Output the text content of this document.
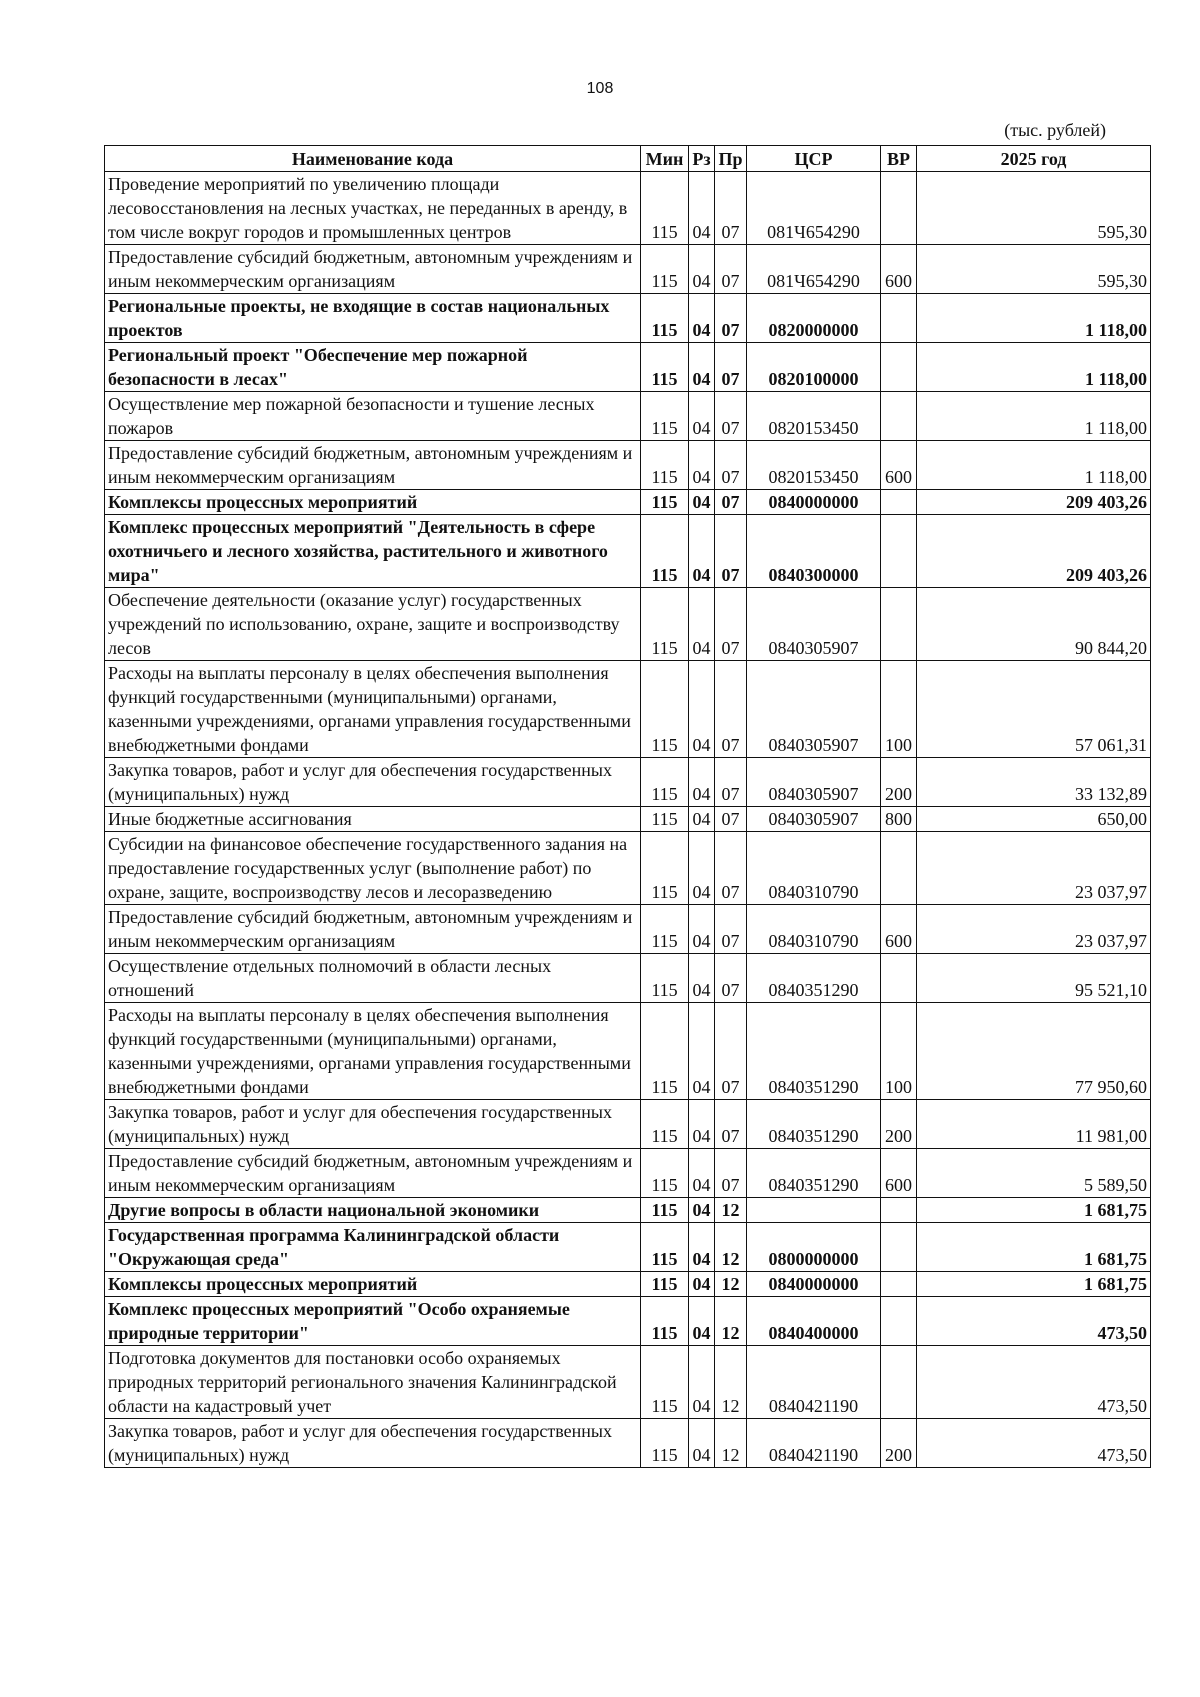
108
(тыс. рублей)
Наименование кода	Мин	Рз	Пр	ЦСР	ВР	2025 год
Проведение мероприятий по увеличению площади лесовосстановления на лесных участках, не переданных в аренду, в том числе вокруг городов и промышленных центров	115	04	07	081Ч654290		595,30
Предоставление субсидий бюджетным, автономным учреждениям и иным некоммерческим организациям	115	04	07	081Ч654290	600	595,30
Региональные проекты, не входящие в состав национальных проектов	115	04	07	0820000000		1 118,00
Региональный проект "Обеспечение мер пожарной безопасности в лесах"	115	04	07	0820100000		1 118,00
Осуществление мер пожарной безопасности и тушение лесных пожаров	115	04	07	0820153450		1 118,00
Предоставление субсидий бюджетным, автономным учреждениям и иным некоммерческим организациям	115	04	07	0820153450	600	1 118,00
Комплексы процессных мероприятий	115	04	07	0840000000		209 403,26
Комплекс процессных мероприятий "Деятельность в сфере охотничьего и лесного хозяйства, растительного и животного мира"	115	04	07	0840300000		209 403,26
Обеспечение деятельности (оказание услуг) государственных учреждений по использованию, охране, защите и воспроизводству лесов	115	04	07	0840305907		90 844,20
Расходы на выплаты персоналу в целях обеспечения выполнения функций государственными (муниципальными) органами, казенными учреждениями, органами управления государственными внебюджетными фондами	115	04	07	0840305907	100	57 061,31
Закупка товаров, работ и услуг для обеспечения государственных (муниципальных) нужд	115	04	07	0840305907	200	33 132,89
Иные бюджетные ассигнования	115	04	07	0840305907	800	650,00
Субсидии на финансовое обеспечение государственного задания на предоставление государственных услуг (выполнение работ) по охране, защите, воспроизводству лесов и лесоразведению	115	04	07	0840310790		23 037,97
Предоставление субсидий бюджетным, автономным учреждениям и иным некоммерческим организациям	115	04	07	0840310790	600	23 037,97
Осуществление отдельных полномочий в области лесных отношений	115	04	07	0840351290		95 521,10
Расходы на выплаты персоналу в целях обеспечения выполнения функций государственными (муниципальными) органами, казенными учреждениями, органами управления государственными внебюджетными фондами	115	04	07	0840351290	100	77 950,60
Закупка товаров, работ и услуг для обеспечения государственных (муниципальных) нужд	115	04	07	0840351290	200	11 981,00
Предоставление субсидий бюджетным, автономным учреждениям и иным некоммерческим организациям	115	04	07	0840351290	600	5 589,50
Другие вопросы в области национальной экономики	115	04	12			1 681,75
Государственная программа Калининградской области "Окружающая среда"	115	04	12	0800000000		1 681,75
Комплексы процессных мероприятий	115	04	12	0840000000		1 681,75
Комплекс процессных мероприятий "Особо охраняемые природные территории"	115	04	12	0840400000		473,50
Подготовка документов для постановки особо охраняемых природных территорий регионального значения Калининградской области на кадастровый учет	115	04	12	0840421190		473,50
Закупка товаров, работ и услуг для обеспечения государственных (муниципальных) нужд	115	04	12	0840421190	200	473,50
